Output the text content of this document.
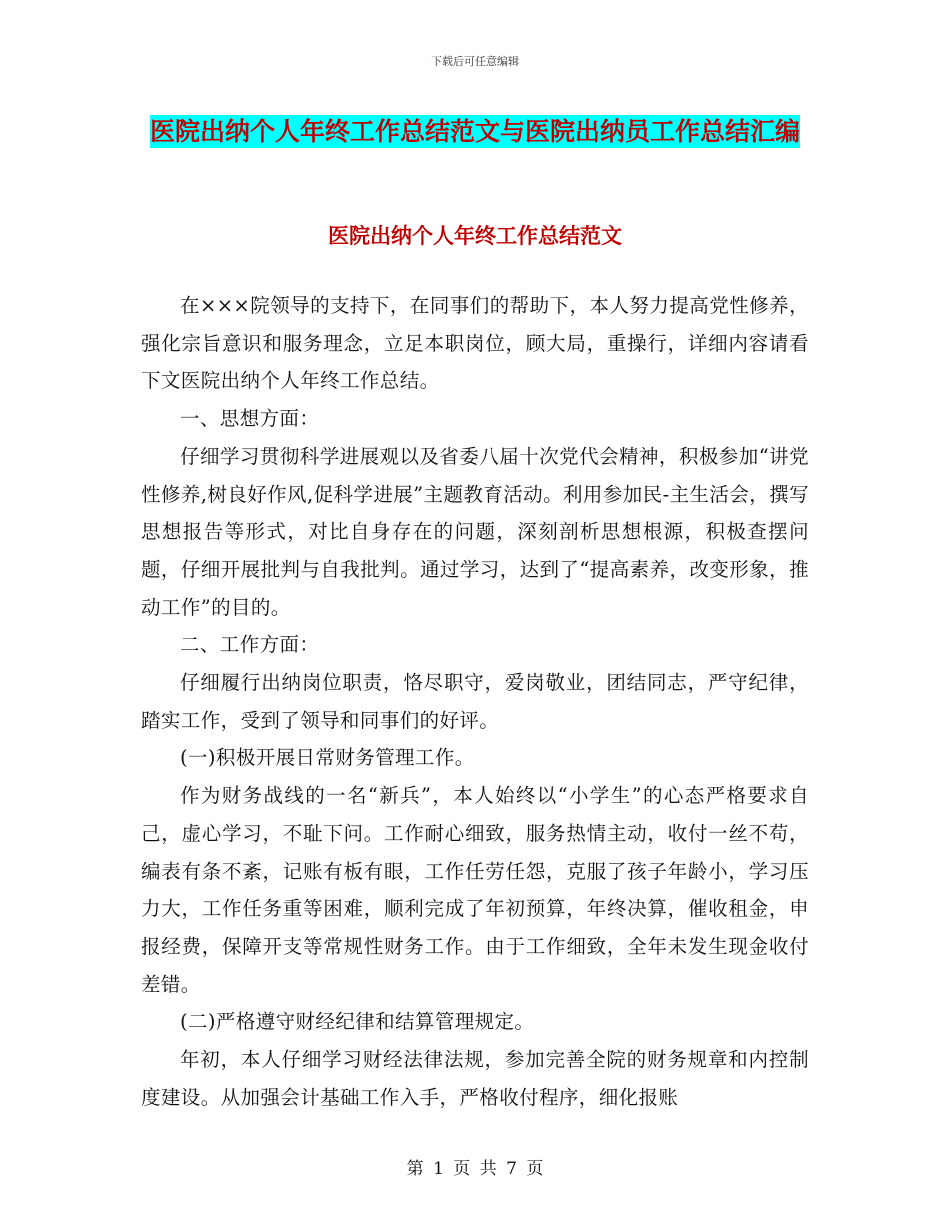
下载后可任意编辑
医院出纳个人年终工作总结范文与医院出纳员工作总结汇编
医院出纳个人年终工作总结范文

在×××院领导的支持下，在同事们的帮助下，本人努力提高党性修养，强化宗旨意识和服务理念，立足本职岗位，顾大局，重操行，详细内容请看下文医院出纳个人年终工作总结。

一、思想方面：

仔细学习贯彻科学进展观以及省委八届十次党代会精神，积极参加“讲党性修养,树良好作风,促科学进展”主题教育活动。利用参加民-主生活会，撰写思想报告等形式，对比自身存在的问题，深刻剖析思想根源，积极查摆问题，仔细开展批判与自我批判。通过学习，达到了“提高素养，改变形象，推动工作”的目的。

二、工作方面：

仔细履行出纳岗位职责，恪尽职守，爱岗敬业，团结同志，严守纪律，踏实工作，受到了领导和同事们的好评。

(一)积极开展日常财务管理工作。

作为财务战线的一名“新兵”，本人始终以“小学生”的心态严格要求自己，虚心学习，不耻下问。工作耐心细致，服务热情主动，收付一丝不苟，编表有条不紊，记账有板有眼，工作任劳任怨，克服了孩子年龄小，学习压力大，工作任务重等困难，顺利完成了年初预算，年终决算，催收租金，申报经费，保障开支等常规性财务工作。由于工作细致，全年未发生现金收付差错。

(二)严格遵守财经纪律和结算管理规定。

年初，本人仔细学习财经法律法规，参加完善全院的财务规章和内控制度建设。从加强会计基础工作入手，严格收付程序，细化报账

第 1 页 共 7 页
